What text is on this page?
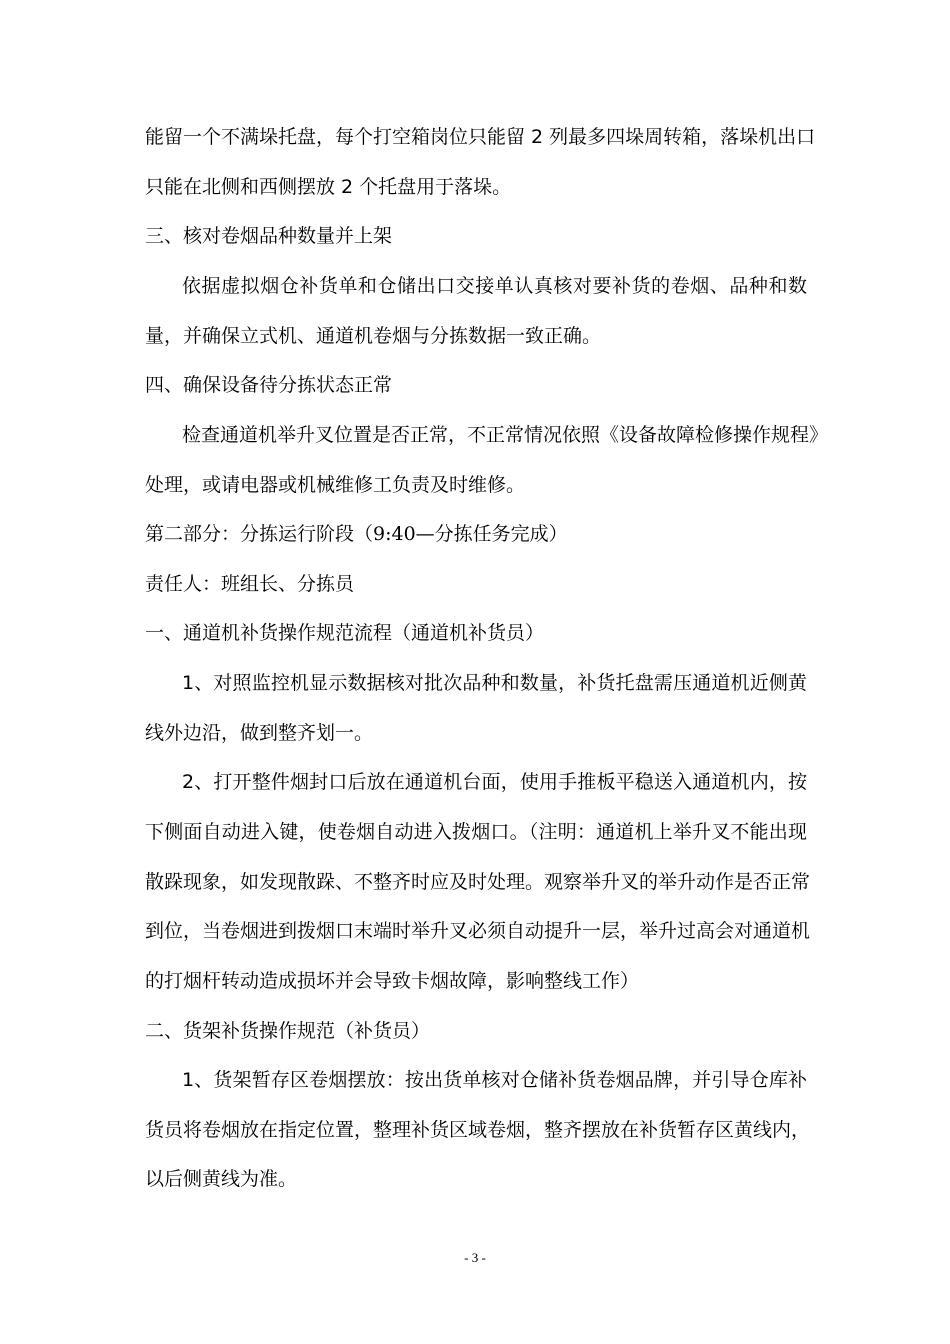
能留一个不满垛托盘，每个打空箱岗位只能留 2 列最多四垛周转箱，落垛机出口

只能在北侧和西侧摆放 2 个托盘用于落垛。

三、核对卷烟品种数量并上架

依据虚拟烟仓补货单和仓储出口交接单认真核对要补货的卷烟、品种和数

量，并确保立式机、通道机卷烟与分拣数据一致正确。

四、确保设备待分拣状态正常

检查通道机举升叉位置是否正常，不正常情况依照《设备故障检修操作规程》

处理，或请电器或机械维修工负责及时维修。

第二部分：分拣运行阶段（9:40—分拣任务完成）

责任人：班组长、分拣员

一、通道机补货操作规范流程（通道机补货员）

1、对照监控机显示数据核对批次品种和数量，补货托盘需压通道机近侧黄

线外边沿，做到整齐划一。

2、打开整件烟封口后放在通道机台面，使用手推板平稳送入通道机内，按

下侧面自动进入键，使卷烟自动进入拨烟口。（注明：通道机上举升叉不能出现

散跺现象，如发现散跺、不整齐时应及时处理。观察举升叉的举升动作是否正常

到位，当卷烟进到拨烟口末端时举升叉必须自动提升一层，举升过高会对通道机

的打烟杆转动造成损坏并会导致卡烟故障，影响整线工作）

二、货架补货操作规范（补货员）

1、货架暂存区卷烟摆放：按出货单核对仓储补货卷烟品牌，并引导仓库补

货员将卷烟放在指定位置，整理补货区域卷烟，整齐摆放在补货暂存区黄线内，

以后侧黄线为准。

- 3 -
